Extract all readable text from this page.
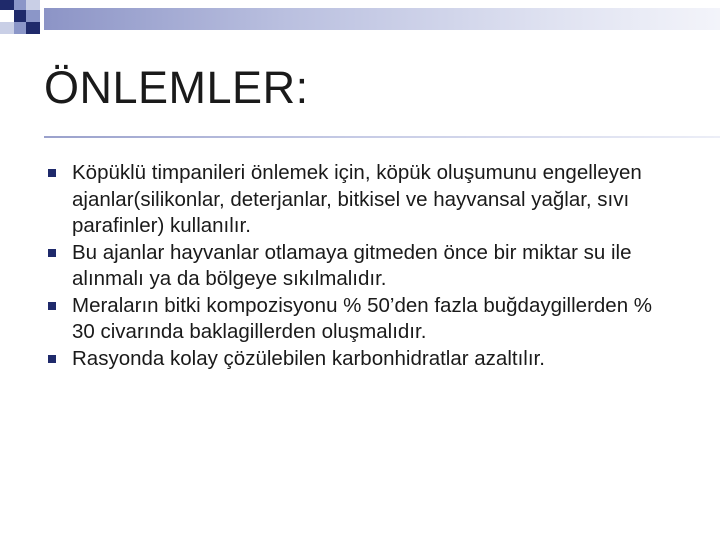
ÖNLEMLER:
Köpüklü timpanileri önlemek için, köpük oluşumunu engelleyen ajanlar(silikonlar, deterjanlar, bitkisel ve hayvansal yağlar, sıvı parafinler) kullanılır.
Bu ajanlar hayvanlar otlamaya gitmeden önce bir miktar su ile alınmalı ya da bölgeye sıkılmalıdır.
Meraların bitki kompozisyonu % 50’den fazla buğdaygillerden % 30 civarında baklagillerden oluşmalıdır.
Rasyonda kolay çözülebilen karbonhidratlar azaltılır.
